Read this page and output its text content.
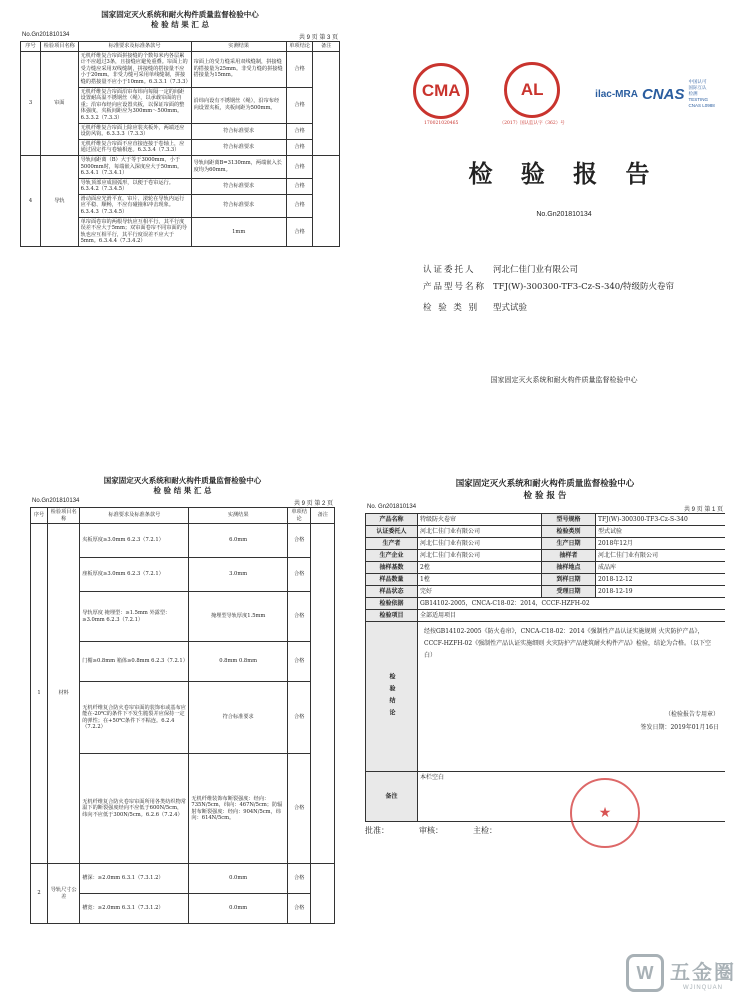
国家固定灭火系统和耐火构件质量监督检验中心
检 验 结 果 汇 总
No.Gn201810134	共 9 页 第 3 页
序号	检验项目名称	标准要求及标准条款号	实测结果	单项结论	备注
3	帘面	无机纤维复合帘面拼接缝的个数每米内各层累计不应超过3条，且接缝应避免重叠。帘面上的受力缝应采用双线缝制，拼接缝的搭接量不应小于20mm。非受力缝可采用单线缝制，拼接缝的搭接量不应小于10mm。6.3.3.1（7.3.3）	帘面上的受力缝采用双线缝制，拼接缝的搭接量为25mm。非受力缝的拼接缝搭接量为15mm。	合格	
		无机纤维复合帘面沿帘布纬向每隔一定的间距设置耐高温不锈钢丝（绳），以承载帘面的自重；沿帘布经向应设置夹板，以保证帘面的整体强度，夹板间距应为300mm～500mm。6.3.3.2（7.3.3）	沿纬向设有不锈钢丝（绳），沿帘布经向设置夹板，夹板间距为500mm。	合格	
		无机纤维复合帘面上除应装夹板外，两端还应设防风钩。6.3.3.3（7.3.3）	符合标准要求	合格	
		无机纤维复合帘面不应直接连接于卷轴上，应通过固定件与卷轴相连。6.3.3.4（7.3.3）	符合标准要求	合格	
4	导轨	导轨间距离（B）大于等于3000mm，小于5000mm时，每端嵌入深度应大于50mm。6.3.4.1（7.3.4.1）	导轨间距离B=3130mm，两端嵌入长度均为60mm。	合格	
		导轨顶部应成圆弧形，以便于卷帘运行。6.3.4.2（7.3.4.5）	符合标准要求	合格	
		滑动面应光滑平直，帘片、滚轮在导轨内运行应平稳、顺畅，不应有碰撞和冲击现象。6.3.4.3（7.3.4.5）	符合标准要求	合格	
		单帘面卷帘的两根导轨应互相平行，其平行度误差不应大于5mm；双帘面卷帘不同帘面的导轨也应互相平行，其平行度误差不应大于5mm。6.3.4.4（7.3.4.2）	1mm	合格	
CMA
170021020465
AL
（2017）国认监认字（362）号
ilac-MRA CNAS
中国认可
国际互认
检测
TESTING
CNAS L0988
检 验 报 告
No.Gn201810134
认证委托人	河北仁佳门业有限公司
产品型号名称 TFJ(W)-300300-TF3-Cz-S-340/特级防火卷帘
检 验 类 别	型式试验
国家固定灭火系统和耐火构件质量监督检验中心
国家固定灭火系统和耐火构件质量监督检验中心
检 验 结 果 汇 总
No.Gn201810134	共 9 页 第 2 页
序号	检验项目名称	标准要求及标准条款号	实测结果	单项结论	备注
1	材料	夹板厚度≥3.0mm 6.2.3（7.2.1）	6.0mm	合格	
		座板厚度≥3.0mm 6.2.3（7.2.1）	3.0mm	合格	
		导轨厚度 掩埋型：≥1.5mm 外露型：≥3.0mm 6.2.3（7.2.1）	掩埋型导轨厚度1.5mm	合格	
		门楣≥0.8mm 箱体≥0.8mm 6.2.3（7.2.1）	0.8mm 0.8mm	合格	
		无机纤维复合防火卷帘帘面的装饰布或基布应能在-20℃的条件下不发生脆裂并应保持一定的弹性；在+50℃条件下不粘连。6.2.4（7.2.2）	符合标准要求	合格	
		无机纤维复合防火卷帘帘面所用各类纺织物常温下的断裂强度经向不应低于600N/5cm，纬向不应低于300N/5cm。6.2.6（7.2.4）	无机纤维装饰布断裂强度：经向：735N/5cm，纬向：467N/5cm；防辐射布断裂强度：经向：904N/5cm，纬向：614N/5cm。	合格	
2	导轨尺寸公差	槽深：≥2.0mm 6.3.1（7.3.1.2）	0.0mm	合格	
		槽宽：≥2.0mm 6.3.1（7.3.1.2）	0.0mm	合格	
国家固定灭火系统和耐火构件质量监督检验中心
检 验 报 告
No. Gn201810134	共 9 页 第 1 页
产品名称	特级防火卷帘	型号规格	TFJ(W)-300300-TF3-Cz-S-340
认证委托人	河北仁佳门业有限公司	检验类别	型式试验
生产者	河北仁佳门业有限公司	生产日期	2018年12月
生产企业	河北仁佳门业有限公司	抽样者	河北仁佳门业有限公司
抽样基数	2樘	抽样地点	成品库
样品数量	1樘	到样日期	2018-12-12
样品状态	完好	受理日期	2018-12-19
检验依据	GB14102-2005，CNCA-C18-02：2014，CCCF-HZFH-02		
检验项目	全部适用项目		
检验结论	经按GB14102-2005《防火卷帘》，CNCA-C18-02：2014《强制性产品认证实施规则 火灾防护产品》，CCCF-HZFH-02《强制性产品认证实施细则 火灾防护产品建筑耐火构件产品》检验，结论为合格。（以下空白）
（检验报告专用章）
签发日期：2019年01月16日		

备注	本栏空白		
★
批准：	审核：	主检：
W 五金圈
WJINQUAN
